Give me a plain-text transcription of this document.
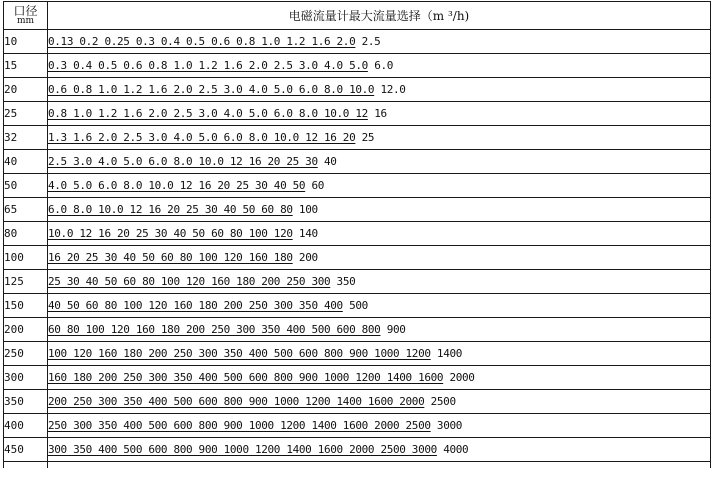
口径
mm	电磁流量计最大流量选择（m ³/h)
10	0.13 0.2 0.25 0.3 0.4 0.5 0.6 0.8 1.0 1.2 1.6 2.0 2.5
15	0.3 0.4 0.5 0.6 0.8 1.0 1.2 1.6 2.0 2.5 3.0 4.0 5.0 6.0
20	0.6 0.8 1.0 1.2 1.6 2.0 2.5 3.0 4.0 5.0 6.0 8.0 10.0 12.0
25	0.8 1.0 1.2 1.6 2.0 2.5 3.0 4.0 5.0 6.0 8.0 10.0 12 16
32	1.3 1.6 2.0 2.5 3.0 4.0 5.0 6.0 8.0 10.0 12 16 20 25
40	2.5 3.0 4.0 5.0 6.0 8.0 10.0 12 16 20 25 30 40
50	4.0 5.0 6.0 8.0 10.0 12 16 20 25 30 40 50 60
65	6.0 8.0 10.0 12 16 20 25 30 40 50 60 80 100
80	10.0 12 16 20 25 30 40 50 60 80 100 120 140
100	16 20 25 30 40 50 60 80 100 120 160 180 200
125	25 30 40 50 60 80 100 120 160 180 200 250 300 350
150	40 50 60 80 100 120 160 180 200 250 300 350 400 500
200	60 80 100 120 160 180 200 250 300 350 400 500 600 800 900
250	100 120 160 180 200 250 300 350 400 500 600 800 900 1000 1200 1400
300	160 180 200 250 300 350 400 500 600 800 900 1000 1200 1400 1600 2000
350	200 250 300 350 400 500 600 800 900 1000 1200 1400 1600 2000 2500
400	250 300 350 400 500 600 800 900 1000 1200 1400 1600 2000 2500 3000
450	300 350 400 500 600 800 900 1000 1200 1400 1600 2000 2500 3000 4000
